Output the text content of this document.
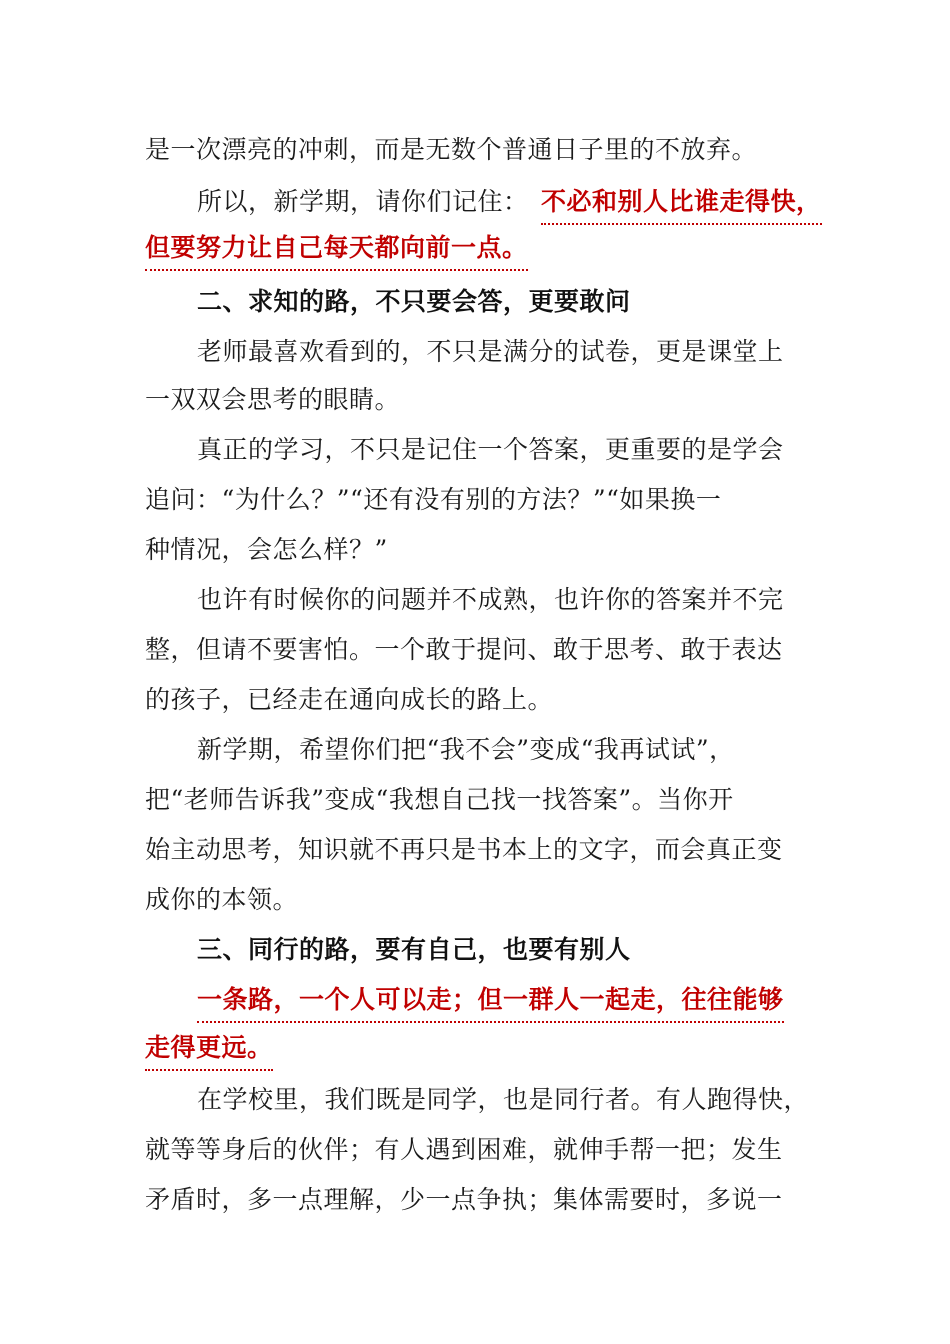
是一次漂亮的冲刺，而是无数个普通日子里的不放弃。
所以，新学期，请你们记住： 不必和别人比谁走得快，
但要努力让自己每天都向前一点。
二、求知的路，不只要会答，更要敢问
老师最喜欢看到的，不只是满分的试卷，更是课堂上
一双双会思考的眼睛。
真正的学习，不只是记住一个答案，更重要的是学会
追问：“为什么？”“还有没有别的方法？”“如果换一
种情况，会怎么样？”
也许有时候你的问题并不成熟，也许你的答案并不完
整，但请不要害怕。一个敢于提问、敢于思考、敢于表达
的孩子，已经走在通向成长的路上。
新学期，希望你们把“我不会”变成“我再试试”，
把“老师告诉我”变成“我想自己找一找答案”。当你开
始主动思考，知识就不再只是书本上的文字，而会真正变
成你的本领。
三、同行的路，要有自己，也要有别人
一条路，一个人可以走；但一群人一起走，往往能够
走得更远。
在学校里，我们既是同学，也是同行者。有人跑得快，
就等等身后的伙伴；有人遇到困难，就伸手帮一把；发生
矛盾时，多一点理解，少一点争执；集体需要时，多说一
